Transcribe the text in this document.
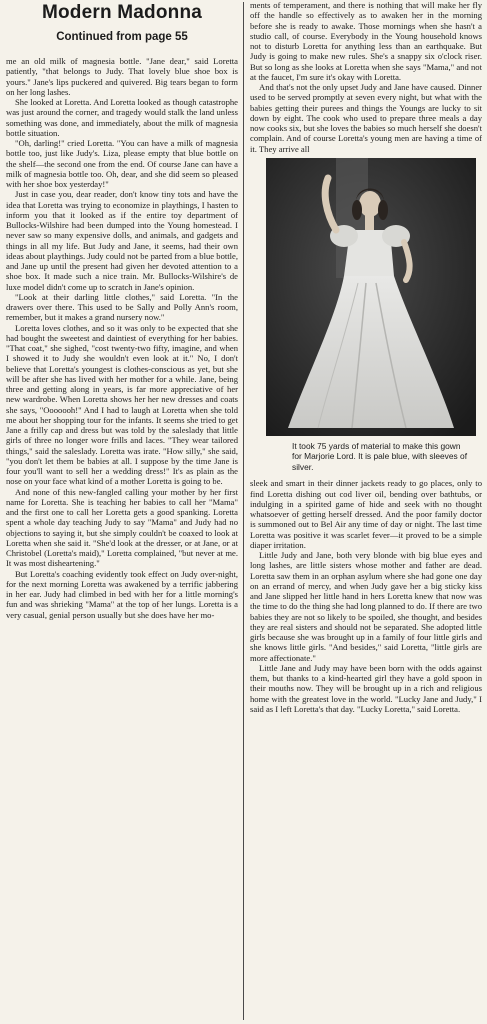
Modern Madonna
Continued from page 55

me an old milk of magnesia bottle. "Jane dear," said Loretta patiently, "that belongs to Judy. That lovely blue shoe box is yours." Jane's lips puckered and quivered. Big tears began to form on her long lashes.

She looked at Loretta. And Loretta looked as though catastrophe was just around the corner, and tragedy would stalk the land unless something was done, and immediately, about the milk of magnesia bottle situation.

"Oh, darling!" cried Loretta. "You can have a milk of magnesia bottle too, just like Judy's. Liza, please empty that blue bottle on the shelf—the second one from the end. Of course Jane can have a milk of magnesia bottle too. Oh, dear, and she did seem so pleased with her shoe box yesterday!"

Just in case you, dear reader, don't know tiny tots and have the idea that Loretta was trying to economize in playthings, I hasten to inform you that it looked as if the entire toy department of Bullocks-Wilshire had been dumped into the Young homestead. I never saw so many expensive dolls, and animals, and gadgets and things in all my life. But Judy and Jane, it seems, had their own ideas about playthings. Judy could not be parted from a blue bottle, and Jane up until the present had given her devoted attention to a shoe box. It made such a nice train. Mr. Bullocks-Wilshire's de luxe model didn't come up to scratch in Jane's opinion.

"Look at their darling little clothes," said Loretta. "In the drawers over there. This used to be Sally and Polly Ann's room, remember, but it makes a grand nursery now."

Loretta loves clothes, and so it was only to be expected that she had bought the sweetest and daintiest of everything for her babies. "That coat," she sighed, "cost twenty-two fifty, imagine, and when I showed it to Judy she wouldn't even look at it." No, I don't believe that Loretta's youngest is clothes-conscious as yet, but she will be after she has lived with her mother for a while. Jane, being three and getting along in years, is far more appreciative of her new wardrobe. When Loretta shows her her new dresses and coats she says, "Ooooooh!" And I had to laugh at Loretta when she told me about her shopping tour for the infants. It seems she tried to get Jane a frilly cap and dress but was told by the saleslady that little girls of three no longer wore frills and laces. "They wear tailored things," said the saleslady. Loretta was irate. "How silly," she said, "you don't let them be babies at all. I suppose by the time Jane is four you'll want to sell her a wedding dress!" It's as plain as the nose on your face what kind of a mother Loretta is going to be.

And none of this new-fangled calling your mother by her first name for Loretta. She is teaching her babies to call her "Mama" and the first one to call her Loretta gets a good spanking. Loretta spent a whole day teaching Judy to say "Mama" and Judy had no objections to saying it, but she simply couldn't be coaxed to look at Loretta when she said it. "She'd look at the dresser, or at Jane, or at Christobel (Loretta's maid)," Loretta complained, "but never at me. It was most disheartening."

But Loretta's coaching evidently took effect on Judy over-night, for the next morning Loretta was awakened by a terrific jabbering in her ear. Judy had climbed in bed with her for a little morning's fun and was shrieking "Mama" at the top of her lungs. Loretta is a very casual, genial person usually but she does have her mo-

ments of temperament, and there is nothing that will make her fly off the handle so effectively as to awaken her in the morning before she is ready to awake. Those mornings when she hasn't a studio call, of course. Everybody in the Young household knows not to disturb Loretta for anything less than an earthquake. But Judy is going to make new rules. She's a snappy six o'clock riser. But so long as she looks at Loretta when she says "Mama," and not at the faucet, I'm sure it's okay with Loretta.

And that's not the only upset Judy and Jane have caused. Dinner used to be served promptly at seven every night, but what with the babies getting their purees and things the Youngs are lucky to sit down by eight. The cook who used to prepare three meals a day now cooks six, but she loves the babies so much herself she doesn't complain. And of course Loretta's young men are having a time of it. They arrive all

It took 75 yards of material to make this gown for Marjorie Lord. It is pale blue, with sleeves of silver.

sleek and smart in their dinner jackets ready to go places, only to find Loretta dishing out cod liver oil, bending over bathtubs, or indulging in a spirited game of hide and seek with no thought whatsoever of getting herself dressed. And the poor family doctor is summoned out to Bel Air any time of day or night. The last time Loretta was positive it was scarlet fever—it proved to be a simple diaper irritation.

Little Judy and Jane, both very blonde with big blue eyes and long lashes, are little sisters whose mother and father are dead. Loretta saw them in an orphan asylum where she had gone one day on an errand of mercy, and when Judy gave her a big sticky kiss and Jane slipped her little hand in hers Loretta knew that now was the time to do the thing she had long planned to do. If there are two babies they are not so likely to be spoiled, she thought, and besides they are real sisters and should not be separated. She adopted little girls because she was brought up in a family of four little girls and she knows little girls. "And besides," said Loretta, "little girls are more affectionate."

Little Jane and Judy may have been born with the odds against them, but thanks to a kind-hearted girl they have a gold spoon in their mouths now. They will be brought up in a rich and religious home with the greatest love in the world. "Lucky Jane and Judy," I said as I left Loretta's that day. "Lucky Loretta," said Loretta.
